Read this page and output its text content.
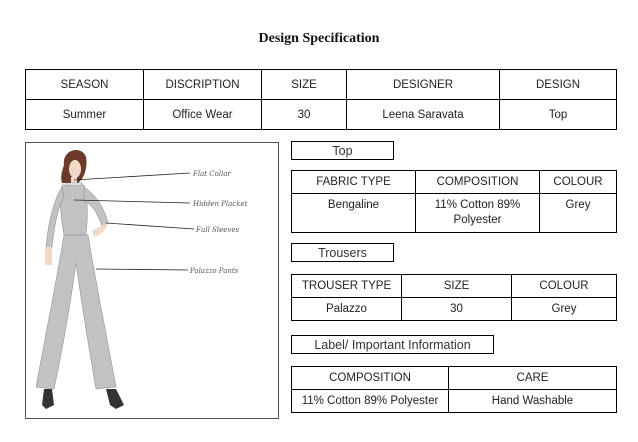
Design Specification
SEASON	DISCRIPTION	SIZE	DESIGNER	DESIGN
Summer	Office Wear	30	Leena Saravata	Top
Flat Collar
Hidden Placket
Full Sleeves
Palazzo Pants
Top
FABRIC TYPE	COMPOSITION	COLOUR
Bengaline	11% Cotton 89% Polyester	Grey
Trousers
TROUSER TYPE	SIZE	COLOUR
Palazzo	30	Grey
Label/ Important Information
COMPOSITION	CARE
11% Cotton 89% Polyester	Hand Washable
